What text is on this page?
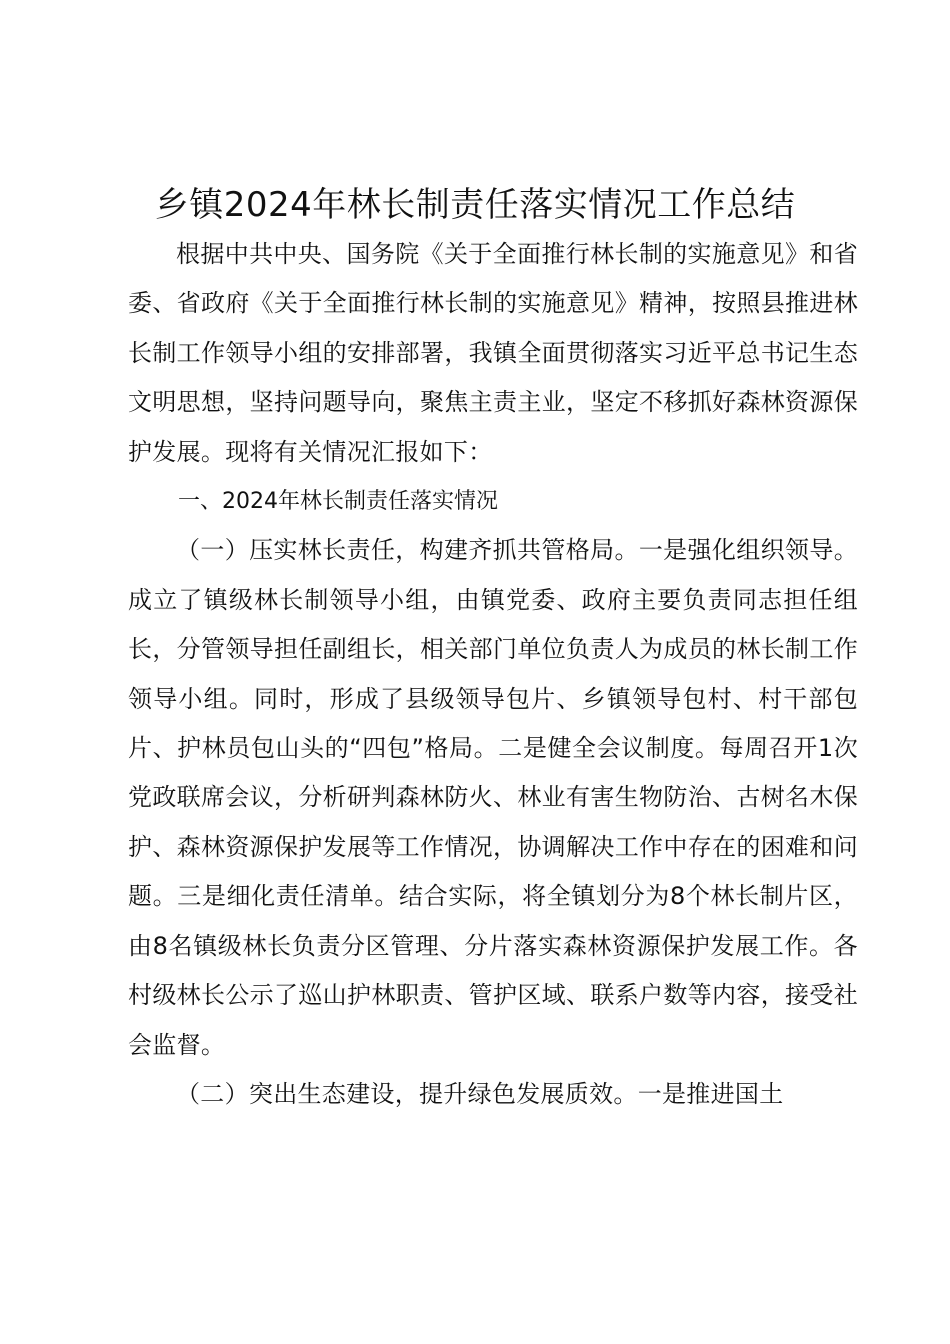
乡镇2024年林长制责任落实情况工作总结

根据中共中央、国务院《关于全面推行林长制的实施意见》和省委、省政府《关于全面推行林长制的实施意见》精神，按照县推进林长制工作领导小组的安排部署，我镇全面贯彻落实习近平总书记生态文明思想，坚持问题导向，聚焦主责主业，坚定不移抓好森林资源保护发展。现将有关情况汇报如下：

一、2024年林长制责任落实情况

（一）压实林长责任，构建齐抓共管格局。一是强化组织领导。成立了镇级林长制领导小组，由镇党委、政府主要负责同志担任组长，分管领导担任副组长，相关部门单位负责人为成员的林长制工作领导小组。同时，形成了县级领导包片、乡镇领导包村、村干部包片、护林员包山头的“四包”格局。二是健全会议制度。每周召开1次党政联席会议，分析研判森林防火、林业有害生物防治、古树名木保护、森林资源保护发展等工作情况，协调解决工作中存在的困难和问题。三是细化责任清单。结合实际，将全镇划分为8个林长制片区，由8名镇级林长负责分区管理、分片落实森林资源保护发展工作。各村级林长公示了巡山护林职责、管护区域、联系户数等内容，接受社会监督。

（二）突出生态建设，提升绿色发展质效。一是推进国土
